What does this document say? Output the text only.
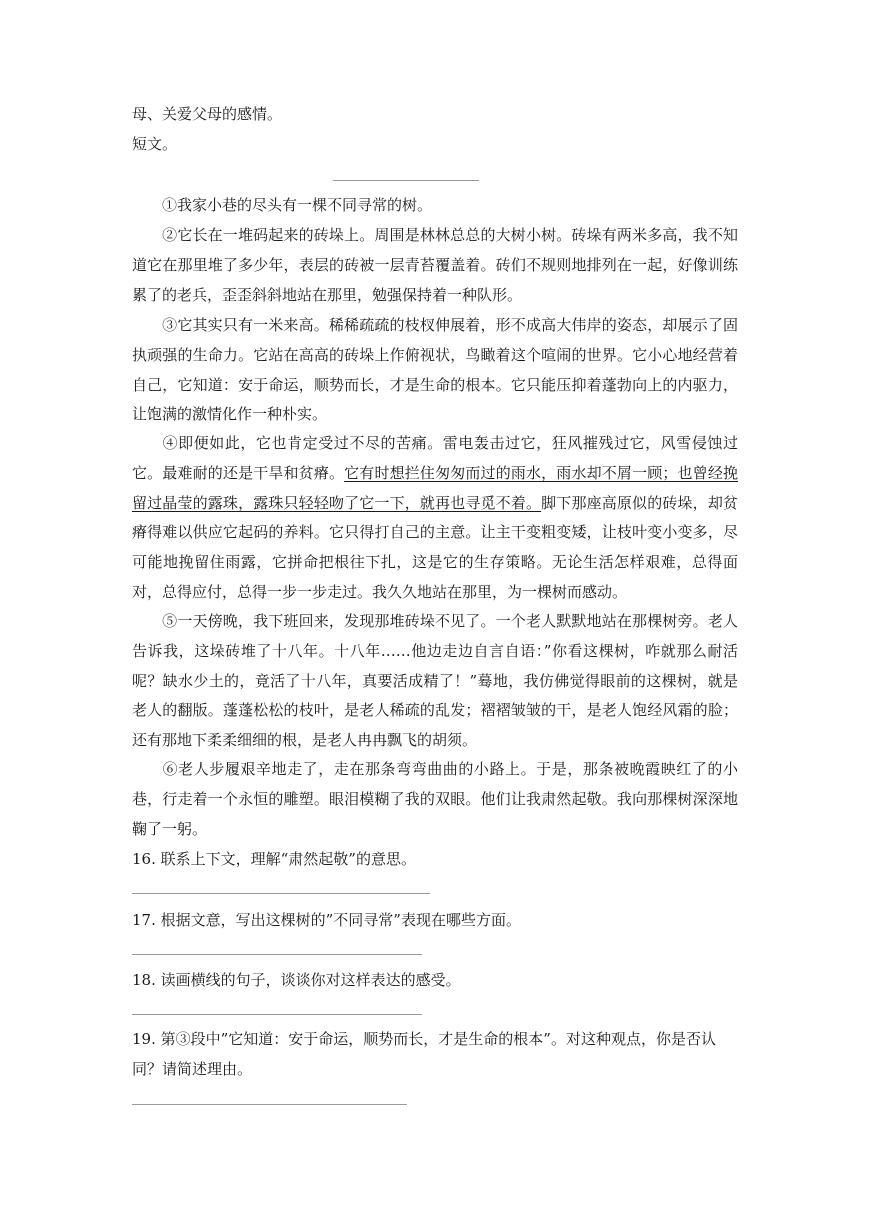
母、关爱父母的感情。
短文。
①我家小巷的尽头有一棵不同寻常的树。
②它长在一堆码起来的砖垛上。周围是林林总总的大树小树。砖垛有两米多高，我不知道它在那里堆了多少年，表层的砖被一层青苔覆盖着。砖们不规则地排列在一起，好像训练累了的老兵，歪歪斜斜地站在那里，勉强保持着一种队形。
③它其实只有一米来高。稀稀疏疏的枝杈伸展着，形不成高大伟岸的姿态，却展示了固执顽强的生命力。它站在高高的砖垛上作俯视状，鸟瞰着这个喧闹的世界。它小心地经营着自己，它知道：安于命运，顺势而长，才是生命的根本。它只能压抑着蓬勃向上的内驱力，让饱满的激情化作一种朴实。
④即便如此，它也肯定受过不尽的苦痛。雷电轰击过它，狂风摧残过它，风雪侵蚀过它。最难耐的还是干旱和贫瘠。它有时想拦住匆匆而过的雨水，雨水却不屑一顾；也曾经挽留过晶莹的露珠，露珠只轻轻吻了它一下，就再也寻觅不着。脚下那座高原似的砖垛，却贫瘠得难以供应它起码的养料。它只得打自己的主意。让主干变粗变矮，让枝叶变小变多，尽可能地挽留住雨露，它拼命把根往下扎，这是它的生存策略。无论生活怎样艰难，总得面对，总得应付，总得一步一步走过。我久久地站在那里，为一棵树而感动。
⑤一天傍晚，我下班回来，发现那堆砖垛不见了。一个老人默默地站在那棵树旁。老人告诉我，这垛砖堆了十八年。十八年……他边走边自言自语：”你看这棵树，咋就那么耐活呢？缺水少土的，竟活了十八年，真要活成精了！”蓦地，我仿佛觉得眼前的这棵树，就是老人的翻版。蓬蓬松松的枝叶，是老人稀疏的乱发；褶褶皱皱的干，是老人饱经风霜的脸；还有那地下柔柔细细的根，是老人冉冉飘飞的胡须。
⑥老人步履艰辛地走了，走在那条弯弯曲曲的小路上。于是，那条被晚霞映红了的小巷，行走着一个永恒的雕塑。眼泪模糊了我的双眼。他们让我肃然起敬。我向那棵树深深地鞠了一躬。
16. 联系上下文，理解“肃然起敬”的意思。
17. 根据文意，写出这棵树的”不同寻常”表现在哪些方面。
18. 读画横线的句子，谈谈你对这样表达的感受。
19. 第③段中”它知道：安于命运，顺势而长，才是生命的根本”。对这种观点，你是否认
同？请简述理由。
